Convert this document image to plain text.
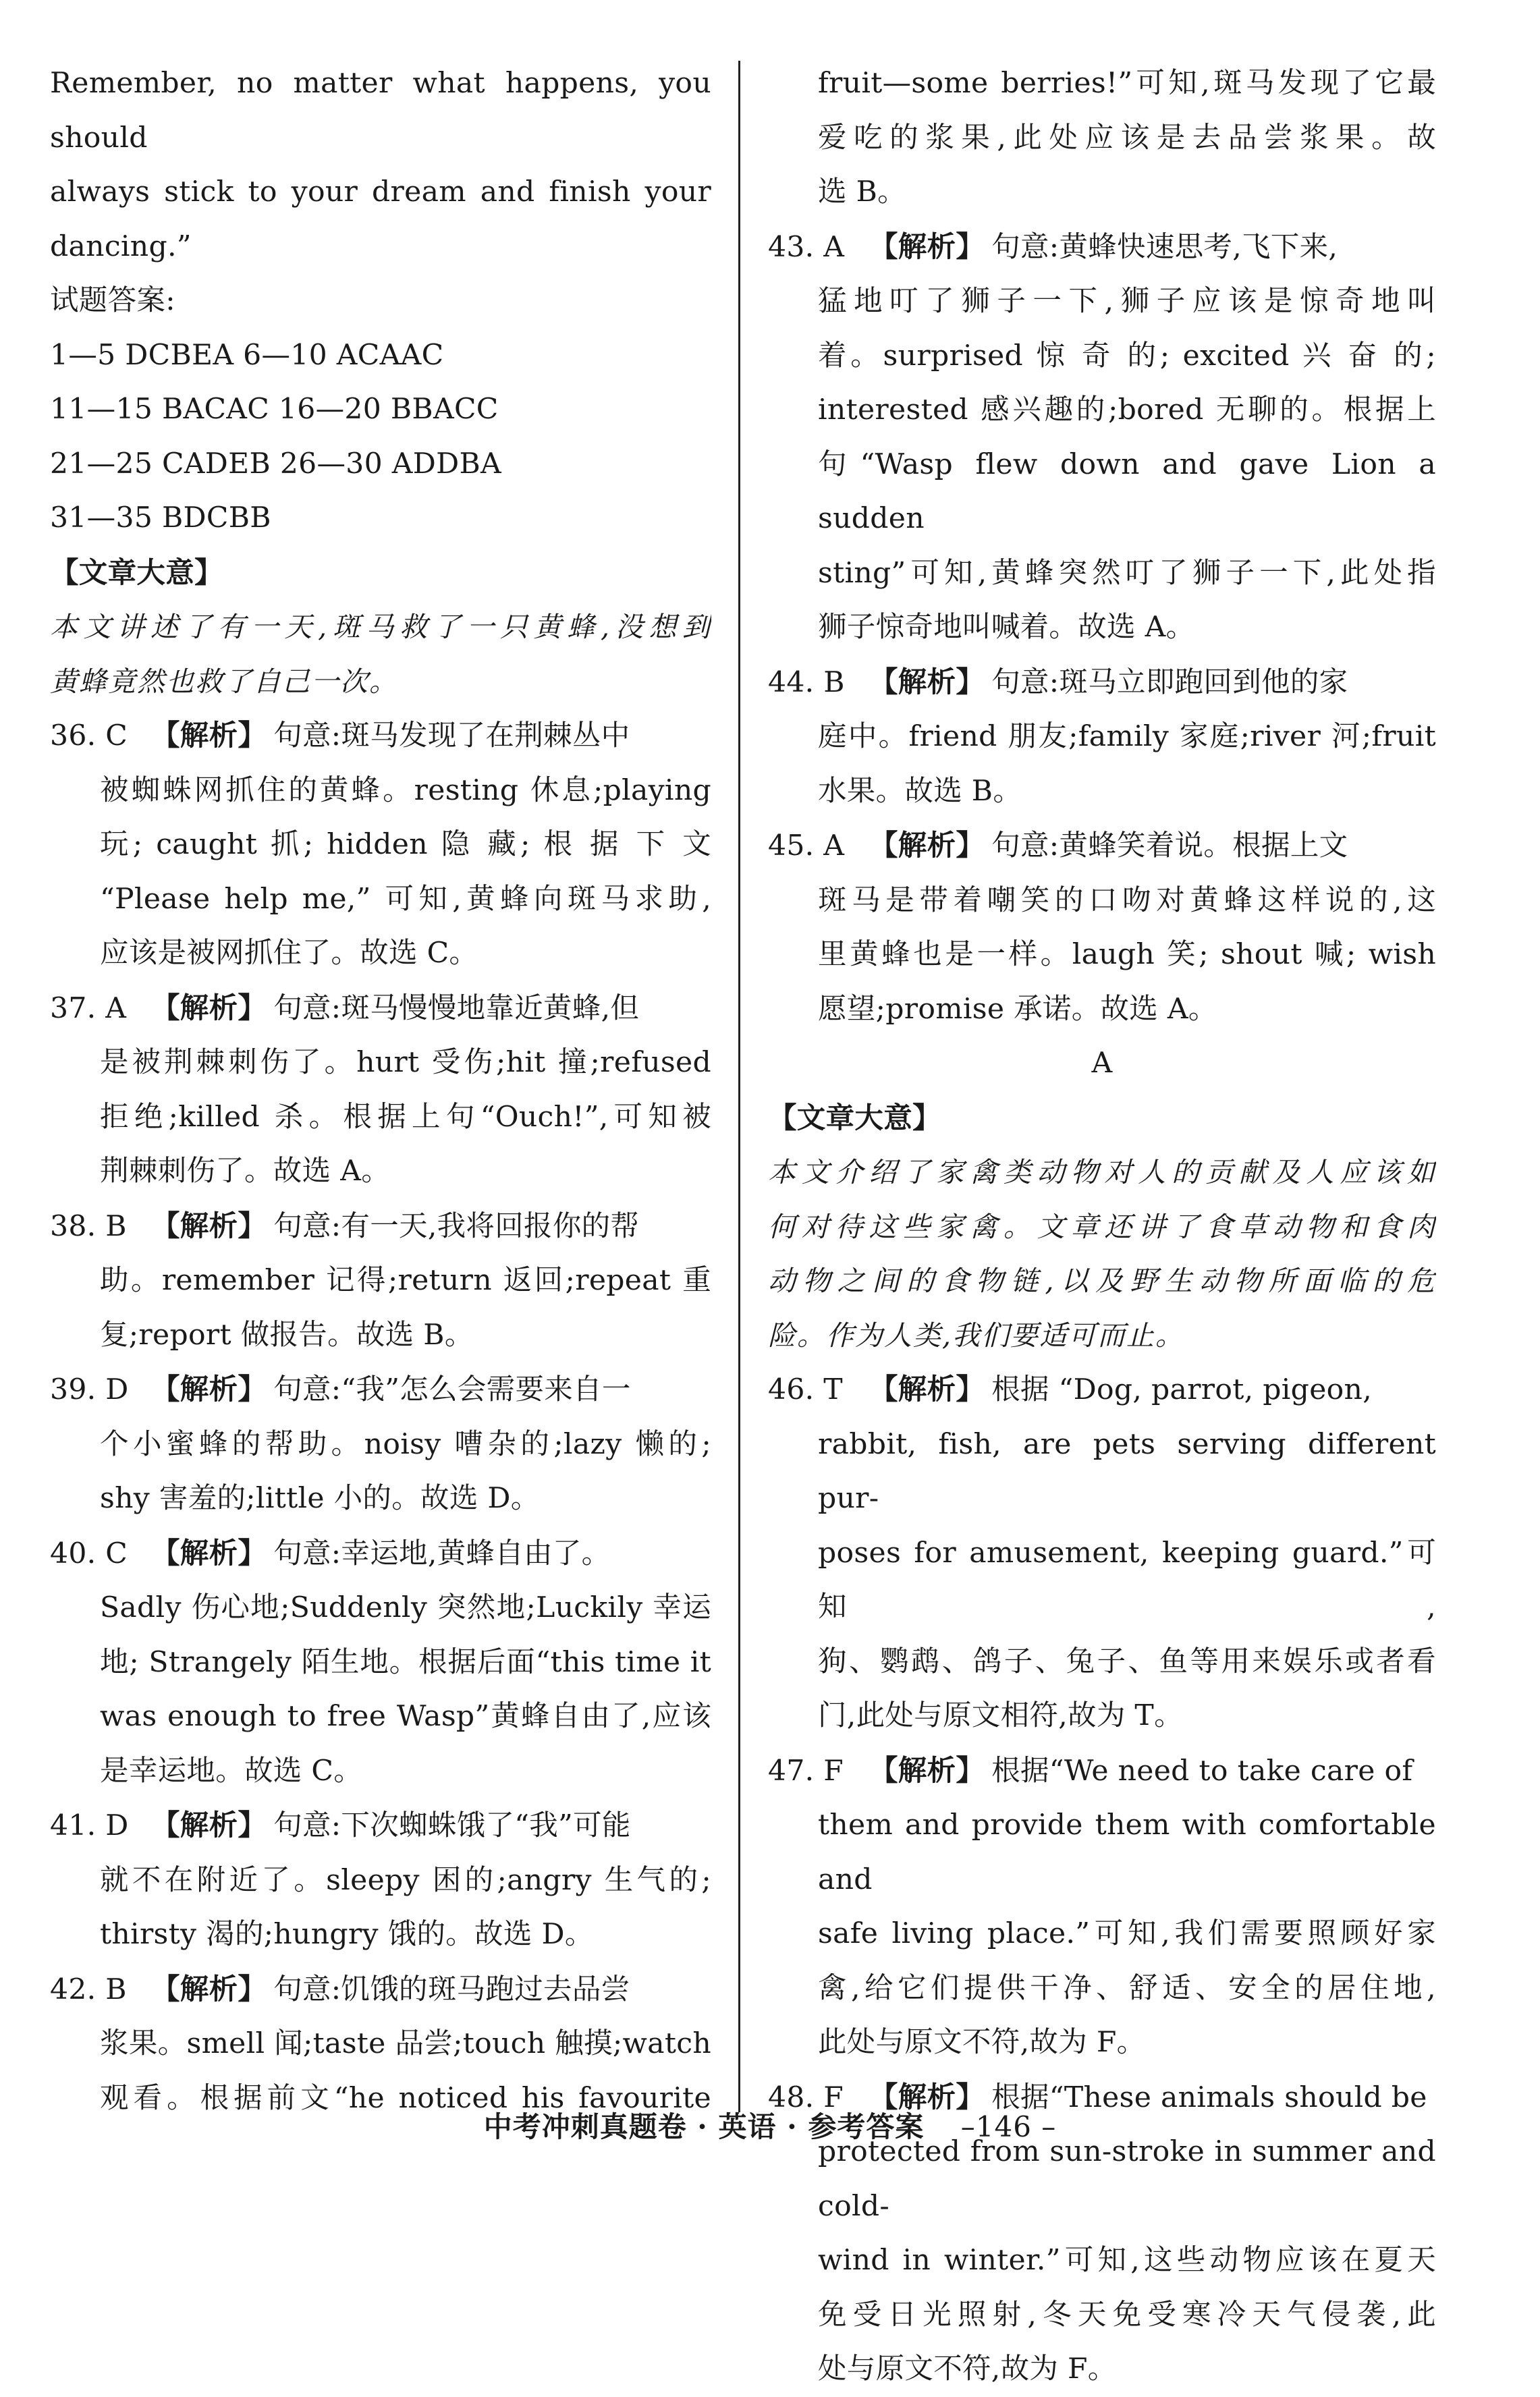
Remember, no matter what happens, you should
always stick to your dream and finish your
dancing.”
试题答案:
1—5 DCBEA 6—10 ACAAC
11—15 BACAC 16—20 BBACC
21—25 CADEB 26—30 ADDBA
31—35 BDCBB
【文章大意】
本文讲述了有一天,斑马救了一只黄蜂,没想到
黄蜂竟然也救了自己一次。
36. C 【解析】 句意:斑马发现了在荆棘丛中
被蜘蛛网抓住的黄蜂。resting 休息;playing
玩; caught 抓; hidden 隐 藏; 根 据 下 文
“Please help me,” 可知,黄蜂向斑马求助,
应该是被网抓住了。故选 C。
37. A 【解析】 句意:斑马慢慢地靠近黄蜂,但
是被荆棘刺伤了。hurt 受伤;hit 撞;refused
拒绝;killed 杀。根据上句“Ouch!”,可知被
荆棘刺伤了。故选 A。
38. B 【解析】 句意:有一天,我将回报你的帮
助。remember 记得;return 返回;repeat 重
复;report 做报告。故选 B。
39. D 【解析】 句意:“我”怎么会需要来自一
个小蜜蜂的帮助。noisy 嘈杂的;lazy 懒的;
shy 害羞的;little 小的。故选 D。
40. C 【解析】 句意:幸运地,黄蜂自由了。
Sadly 伤心地;Suddenly 突然地;Luckily 幸运
地; Strangely 陌生地。根据后面“this time it
was enough to free Wasp”黄蜂自由了,应该
是幸运地。故选 C。
41. D 【解析】 句意:下次蜘蛛饿了“我”可能
就不在附近了。sleepy 困的;angry 生气的;
thirsty 渴的;hungry 饿的。故选 D。
42. B 【解析】 句意:饥饿的斑马跑过去品尝
浆果。smell 闻;taste 品尝;touch 触摸;watch
观看。根据前文“he noticed his favourite
fruit—some berries!”可知,斑马发现了它最
爱吃的浆果,此处应该是去品尝浆果。故
选 B。
43. A 【解析】 句意:黄蜂快速思考,飞下来,
猛地叮了狮子一下,狮子应该是惊奇地叫
着。surprised 惊 奇 的; excited 兴 奋 的;
interested 感兴趣的;bored 无聊的。根据上
句“Wasp flew down and gave Lion a sudden
sting”可知,黄蜂突然叮了狮子一下,此处指
狮子惊奇地叫喊着。故选 A。
44. B 【解析】 句意:斑马立即跑回到他的家
庭中。friend 朋友;family 家庭;river 河;fruit
水果。故选 B。
45. A 【解析】 句意:黄蜂笑着说。根据上文
斑马是带着嘲笑的口吻对黄蜂这样说的,这
里黄蜂也是一样。laugh 笑; shout 喊; wish
愿望;promise 承诺。故选 A。
A
【文章大意】
本文介绍了家禽类动物对人的贡献及人应该如
何对待这些家禽。文章还讲了食草动物和食肉
动物之间的食物链,以及野生动物所面临的危
险。作为人类,我们要适可而止。
46. T 【解析】 根据 “Dog, parrot, pigeon,
rabbit, fish, are pets serving different pur-
poses for amusement, keeping guard.”可知,
狗、鹦鹉、鸽子、兔子、鱼等用来娱乐或者看
门,此处与原文相符,故为 T。
47. F 【解析】 根据“We need to take care of
them and provide them with comfortable and
safe living place.”可知,我们需要照顾好家
禽,给它们提供干净、舒适、安全的居住地,
此处与原文不符,故为 F。
48. F 【解析】 根据“These animals should be
protected from sun-stroke in summer and cold-
wind in winter.”可知,这些动物应该在夏天
免受日光照射,冬天免受寒冷天气侵袭,此
处与原文不符,故为 F。
中考冲刺真题卷 · 英语 · 参考答案 –146 –
